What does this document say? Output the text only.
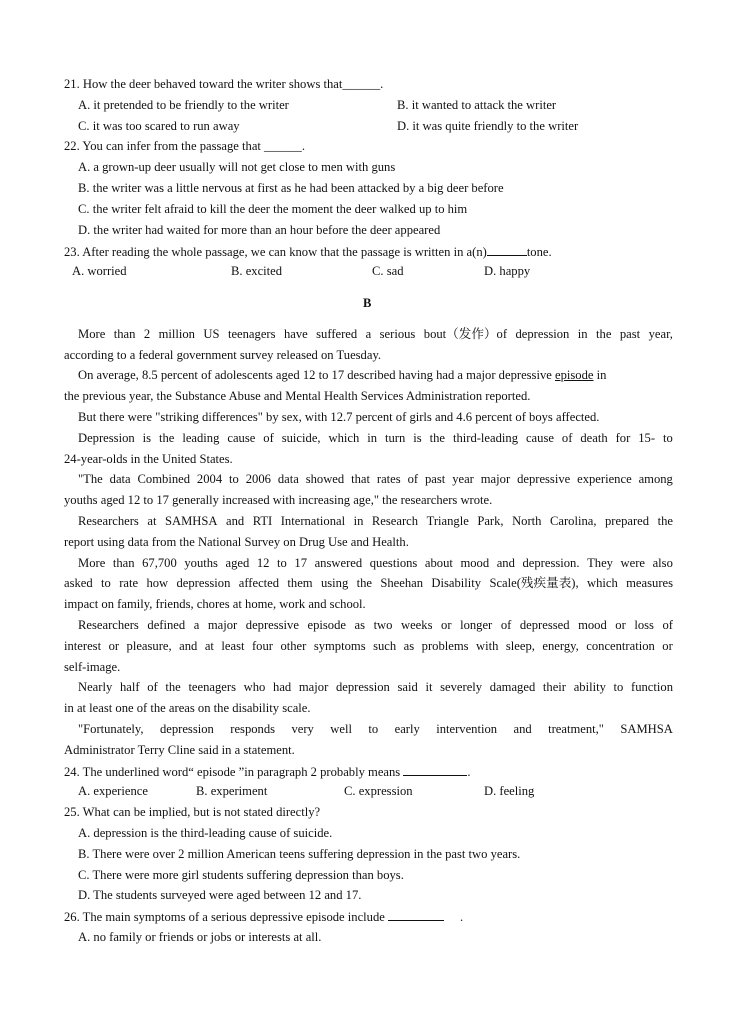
21. How the deer behaved toward the writer shows that______.
A. it pretended to be friendly to the writer	B. it wanted to attack the writer
C. it was too scared to run away	D. it was quite friendly to the writer
22. You can infer from the passage that ______.
A. a grown-up deer usually will not get close to men with guns
B. the writer was a little nervous at first as he had been attacked by a big deer before
C. the writer felt afraid to kill the deer the moment the deer walked up to him
D. the writer had waited for more than an hour before the deer appeared
23. After reading the whole passage, we can know that the passage is written in a(n)	tone.
A. worried	B. excited	C. sad	D. happy
B
More than 2 million US teenagers have suffered a serious bout（发作）of depression in the past year,
according to a federal government survey released on Tuesday.
On average, 8.5 percent of adolescents aged 12 to 17 described having had a major depressive episode in
the previous year, the Substance Abuse and Mental Health Services Administration reported.
But there were "striking differences" by sex, with 12.7 percent of girls and 4.6 percent of boys affected.
Depression is the leading cause of suicide, which in turn is the third-leading cause of death for 15- to
24-year-olds in the United States.
"The data Combined 2004 to 2006 data showed that rates of past year major depressive experience among
youths aged 12 to 17 generally increased with increasing age," the researchers wrote.
Researchers at SAMHSA and RTI International in Research Triangle Park, North Carolina, prepared the
report using data from the National Survey on Drug Use and Health.
More than 67,700 youths aged 12 to 17 answered questions about mood and depression. They were also
asked to rate how depression affected them using the Sheehan Disability Scale(残疾量表), which measures
impact on family, friends, chores at home, work and school.
Researchers defined a major depressive episode as two weeks or longer of depressed mood or loss of
interest or pleasure, and at least four other symptoms such as problems with sleep, energy, concentration or
self-image.
Nearly half of the teenagers who had major depression said it severely damaged their ability to function
in at least one of the areas on the disability scale.
"Fortunately, depression responds very well to early intervention and treatment," SAMHSA
Administrator Terry Cline said in a statement.
24. The underlined word“ episode ”in paragraph 2 probably means	.
A. experience	B. experiment	C. expression	D. feeling
25. What can be implied, but is not stated directly?
A. depression is the third-leading cause of suicide.
B. There were over 2 million American teens suffering depression in the past two years.
C. There were more girl students suffering depression than boys.
D. The students surveyed were aged between 12 and 17.
26. The main symptoms of a serious depressive episode include	.
A. no family or friends or jobs or interests at all.
